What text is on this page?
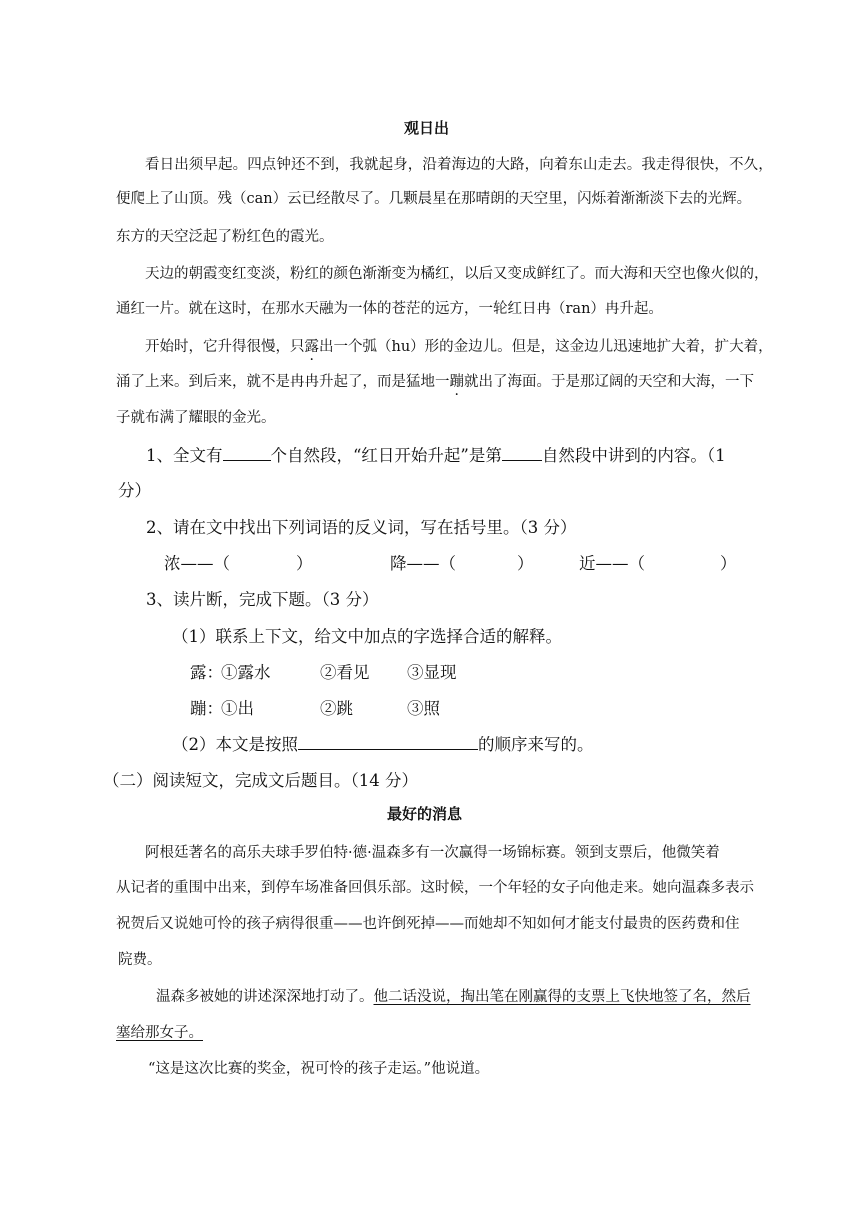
观日出
看日出须早起。四点钟还不到，我就起身，沿着海边的大路，向着东山走去。我走得很快，不久，
便爬上了山顶。残（can）云已经散尽了。几颗晨星在那晴朗的天空里，闪烁着渐渐淡下去的光辉。
东方的天空泛起了粉红色的霞光。
天边的朝霞变红变淡，粉红的颜色渐渐变为橘红，以后又变成鲜红了。而大海和天空也像火似的，
通红一片。就在这时，在那水天融为一体的苍茫的远方，一轮红日冉（ran）冉升起。
开始时，它升得很慢，只露出一个弧（hu）形的金边儿。但是，这金边儿迅速地扩大着，扩大着，
涌了上来。到后来，就不是冉冉升起了，而是猛地一蹦就出了海面。于是那辽阔的天空和大海，一下
子就布满了耀眼的金光。
1、全文有	个自然段，“红日开始升起”是第 自然段中讲到的内容。（1
分）
2、请在文中找出下列词语的反义词，写在括号里。（3 分）
浓——（	）	降——（	）	近——（	）
3、读片断，完成下题。（3 分）
（1）联系上下文，给文中加点的字选择合适的解释。
露：
①露水	②看见 ③显现
蹦：
①出	②跳	③照
（2）本文是按照	的顺序来写的。
（二）阅读短文，完成文后题目。（14 分）
最好的消息
阿根廷著名的高乐夫球手罗伯特·德·温森多有一次赢得一场锦标赛。领到支票后，他微笑着
从记者的重围中出来，到停车场准备回俱乐部。这时候，一个年轻的女子向他走来。她向温森多表示
祝贺后又说她可怜的孩子病得很重——也许倒死掉——而她却不知如何才能支付最贵的医药费和住
院费。
温森多被她的讲述深深地打动了。他二话没说，掏出笔在刚赢得的支票上飞快地签了名，然后
塞给那女子。
“这是这次比赛的奖金，祝可怜的孩子走运。”他说道。
